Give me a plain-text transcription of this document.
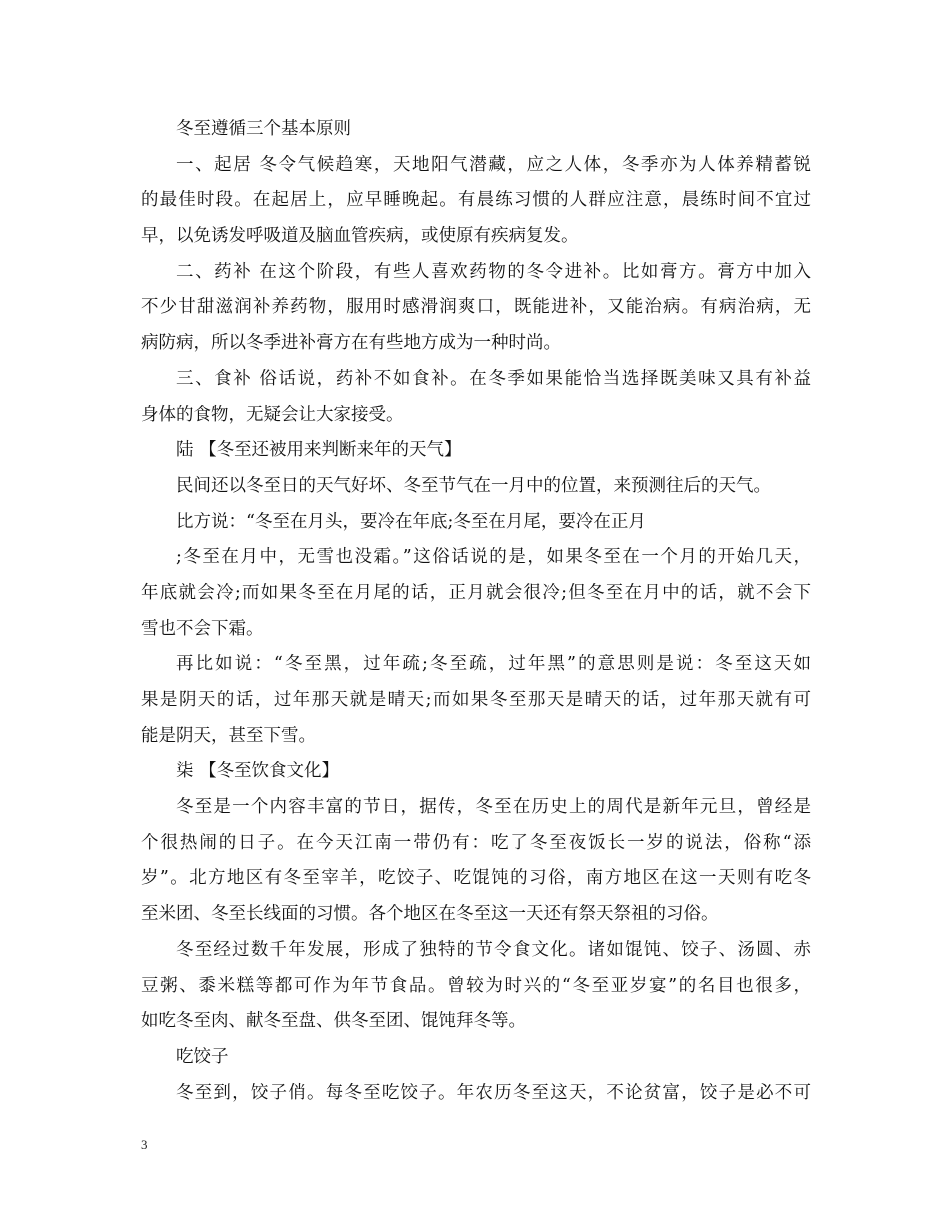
冬至遵循三个基本原则
一、起居 冬令气候趋寒，天地阳气潜藏，应之人体，冬季亦为人体养精蓄锐
的最佳时段。在起居上，应早睡晚起。有晨练习惯的人群应注意，晨练时间不宜过
早，以免诱发呼吸道及脑血管疾病，或使原有疾病复发。
二、药补 在这个阶段，有些人喜欢药物的冬令进补。比如膏方。膏方中加入
不少甘甜滋润补养药物，服用时感滑润爽口，既能进补，又能治病。有病治病，无
病防病，所以冬季进补膏方在有些地方成为一种时尚。
三、食补 俗话说，药补不如食补。在冬季如果能恰当选择既美味又具有补益
身体的食物，无疑会让大家接受。
陆 【冬至还被用来判断来年的天气】
民间还以冬至日的天气好坏、冬至节气在一月中的位置，来预测往后的天气。
比方说：“冬至在月头，要冷在年底;冬至在月尾，要冷在正月
;冬至在月中，无雪也没霜。”这俗话说的是，如果冬至在一个月的开始几天，
年底就会冷;而如果冬至在月尾的话，正月就会很冷;但冬至在月中的话，就不会下
雪也不会下霜。
再比如说：“冬至黑，过年疏;冬至疏，过年黑”的意思则是说：冬至这天如
果是阴天的话，过年那天就是晴天;而如果冬至那天是晴天的话，过年那天就有可
能是阴天，甚至下雪。
柒 【冬至饮食文化】
冬至是一个内容丰富的节日，据传，冬至在历史上的周代是新年元旦，曾经是
个很热闹的日子。在今天江南一带仍有：吃了冬至夜饭长一岁的说法，俗称“添
岁”。北方地区有冬至宰羊，吃饺子、吃馄饨的习俗，南方地区在这一天则有吃冬
至米团、冬至长线面的习惯。各个地区在冬至这一天还有祭天祭祖的习俗。
冬至经过数千年发展，形成了独特的节令食文化。诸如馄饨、饺子、汤圆、赤
豆粥、黍米糕等都可作为年节食品。曾较为时兴的“冬至亚岁宴”的名目也很多，
如吃冬至肉、献冬至盘、供冬至团、馄饨拜冬等。
吃饺子
冬至到，饺子俏。每冬至吃饺子。年农历冬至这天，不论贫富，饺子是必不可
3
